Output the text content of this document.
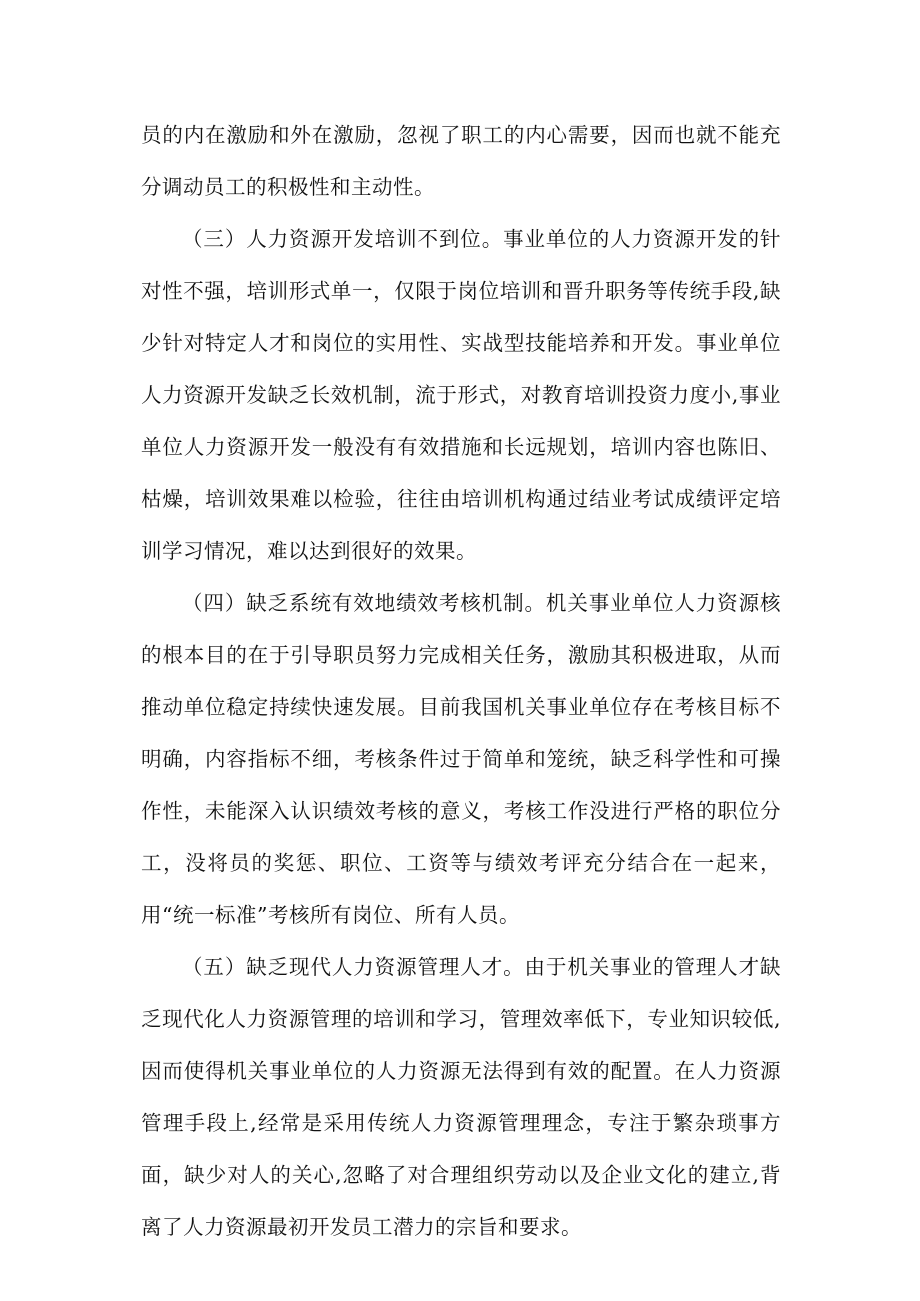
员的内在激励和外在激励，忽视了职工的内心需要，因而也就不能充分调动员工的积极性和主动性。

（三）人力资源开发培训不到位。事业单位的人力资源开发的针对性不强，培训形式单一，仅限于岗位培训和晋升职务等传统手段,缺少针对特定人才和岗位的实用性、实战型技能培养和开发。事业单位人力资源开发缺乏长效机制，流于形式，对教育培训投资力度小,事业单位人力资源开发一般没有有效措施和长远规划，培训内容也陈旧、枯燥，培训效果难以检验，往往由培训机构通过结业考试成绩评定培训学习情况，难以达到很好的效果。

（四）缺乏系统有效地绩效考核机制。机关事业单位人力资源核的根本目的在于引导职员努力完成相关任务，激励其积极进取，从而推动单位稳定持续快速发展。目前我国机关事业单位存在考核目标不明确，内容指标不细，考核条件过于简单和笼统，缺乏科学性和可操作性，未能深入认识绩效考核的意义，考核工作没进行严格的职位分工，没将员的奖惩、职位、工资等与绩效考评充分结合在一起来，用“统一标准”考核所有岗位、所有人员。

（五）缺乏现代人力资源管理人才。由于机关事业的管理人才缺乏现代化人力资源管理的培训和学习，管理效率低下，专业知识较低,因而使得机关事业单位的人力资源无法得到有效的配置。在人力资源管理手段上,经常是采用传统人力资源管理理念，专注于繁杂琐事方面，缺少对人的关心,忽略了对合理组织劳动以及企业文化的建立,背离了人力资源最初开发员工潜力的宗旨和要求。
